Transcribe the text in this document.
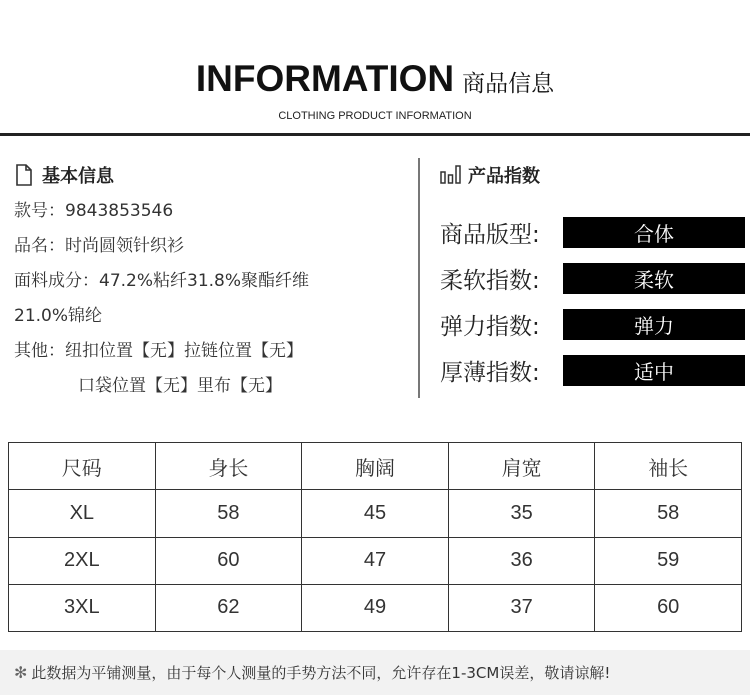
INFORMATION 商品信息
CLOTHING PRODUCT INFORMATION
基本信息
款号：9843853546
品名：时尚圆领针织衫
面料成分：47.2%粘纤31.8%聚酯纤维
21.0%锦纶
其他：纽扣位置【无】拉链位置【无】
口袋位置【无】里布【无】
产品指数
商品版型:	合体
柔软指数:	柔软
弹力指数:	弹力
厚薄指数:	适中
尺码	身长	胸阔	肩宽	袖长
XL	58	45	35	58
2XL	60	47	36	59
3XL	62	49	37	60
✻ 此数据为平铺测量，由于每个人测量的手势方法不同，允许存在1-3CM误差，敬请谅解!
